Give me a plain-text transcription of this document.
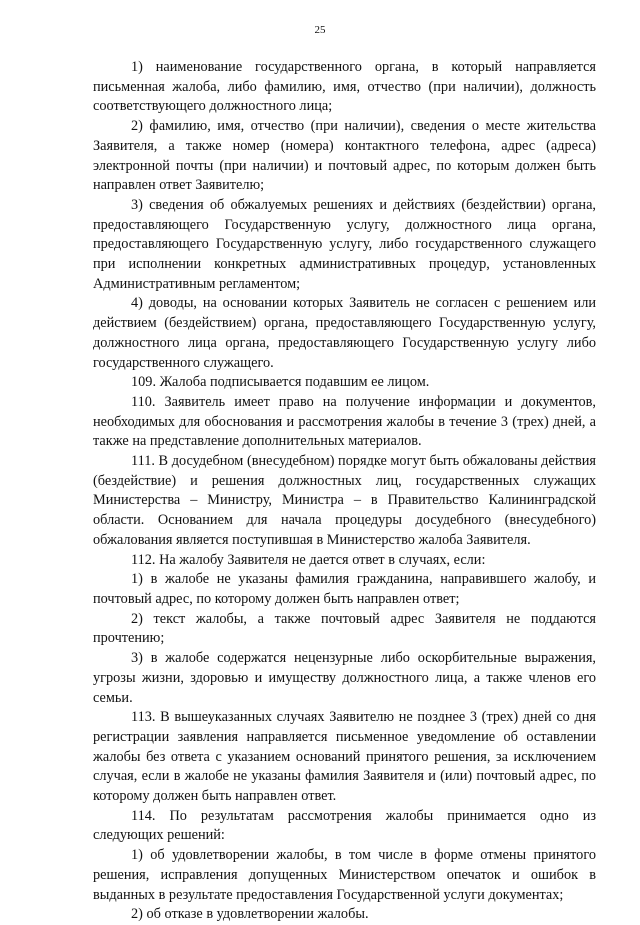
25

1) наименование государственного органа, в который направляется письменная жалоба, либо фамилию, имя, отчество (при наличии), должность соответствующего должностного лица;

2) фамилию, имя, отчество (при наличии), сведения о месте жительства Заявителя, а также номер (номера) контактного телефона, адрес (адреса) электронной почты (при наличии) и почтовый адрес, по которым должен быть направлен ответ Заявителю;

3) сведения об обжалуемых решениях и действиях (бездействии) органа, предоставляющего Государственную услугу, должностного лица органа, предоставляющего Государственную услугу, либо государственного служащего при исполнении конкретных административных процедур, установленных Административным регламентом;

4) доводы, на основании которых Заявитель не согласен с решением или действием (бездействием) органа, предоставляющего Государственную услугу, должностного лица органа, предоставляющего Государственную услугу либо государственного служащего.

109. Жалоба подписывается подавшим ее лицом.

110. Заявитель имеет право на получение информации и документов, необходимых для обоснования и рассмотрения жалобы в течение 3 (трех) дней, а также на представление дополнительных материалов.

111. В досудебном (внесудебном) порядке могут быть обжалованы действия (бездействие) и решения должностных лиц, государственных служащих Министерства – Министру, Министра – в Правительство Калининградской области. Основанием для начала процедуры досудебного (внесудебного) обжалования является поступившая в Министерство жалоба Заявителя.

112. На жалобу Заявителя не дается ответ в случаях, если:

1) в жалобе не указаны фамилия гражданина, направившего жалобу, и почтовый адрес, по которому должен быть направлен ответ;

2) текст жалобы, а также почтовый адрес Заявителя не поддаются прочтению;

3) в жалобе содержатся нецензурные либо оскорбительные выражения, угрозы жизни, здоровью и имуществу должностного лица, а также членов его семьи.

113. В вышеуказанных случаях Заявителю не позднее 3 (трех) дней со дня регистрации заявления направляется письменное уведомление об оставлении жалобы без ответа с указанием оснований принятого решения, за исключением случая, если в жалобе не указаны фамилия Заявителя и (или) почтовый адрес, по которому должен быть направлен ответ.

114. По результатам рассмотрения жалобы принимается одно из следующих решений:

1) об удовлетворении жалобы, в том числе в форме отмены принятого решения, исправления допущенных Министерством опечаток и ошибок в выданных в результате предоставления Государственной услуги документах;

2) об отказе в удовлетворении жалобы.
